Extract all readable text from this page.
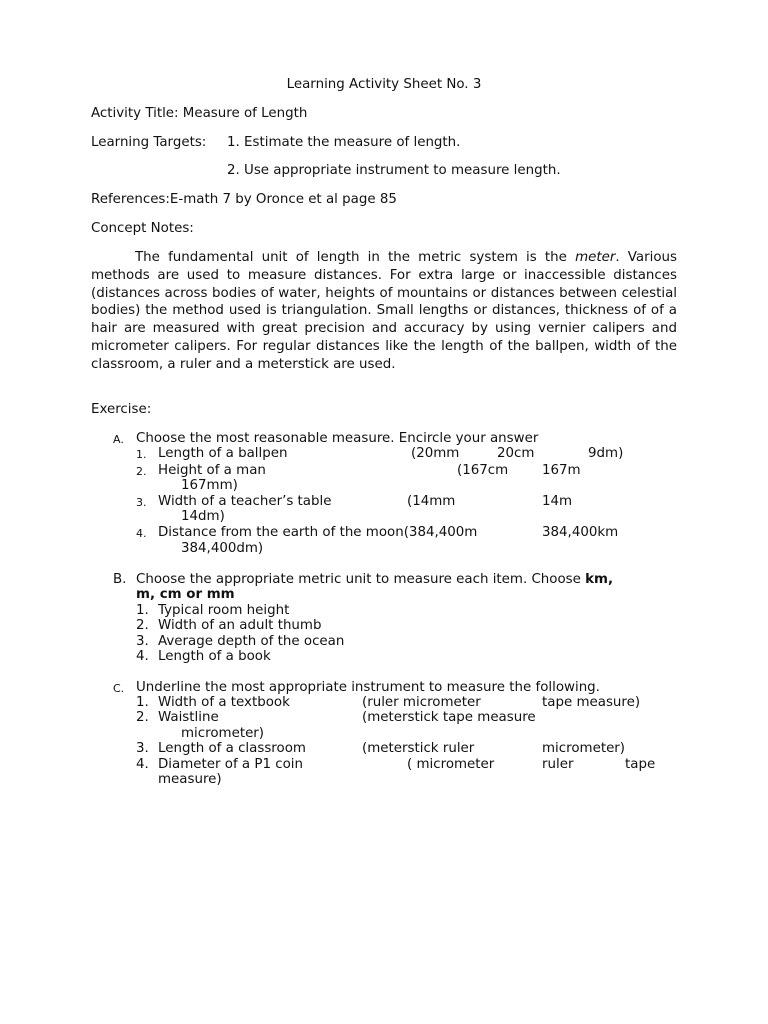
Learning Activity Sheet No. 3
Activity Title: Measure of Length
Learning Targets: 1. Estimate the measure of length.
2. Use appropriate instrument to measure length.
References:E-math 7 by Oronce et al page 85
Concept Notes:
The fundamental unit of length in the metric system is the meter. Various methods are used to measure distances. For extra large or inaccessible distances (distances across bodies of water, heights of mountains or distances between celestial bodies) the method used is triangulation. Small lengths or distances, thickness of of a hair are measured with great precision and accuracy by using vernier calipers and micrometer calipers. For regular distances like the length of the ballpen, width of the classroom, a ruler and a meterstick are used.
Exercise:
A. Choose the most reasonable measure. Encircle your answer
1. Length of a ballpen	(20mm	20cm	9dm)
2. Height of a man	(167cm	167m
167mm)
3. Width of a teacher’s table	(14mm	14m
14dm)
4. Distance from the earth of the moon(384,400m	384,400km
384,400dm)
B. Choose the appropriate metric unit to measure each item. Choose km,
m, cm or mm
1. Typical room height
2. Width of an adult thumb
3. Average depth of the ocean
4. Length of a book
C. Underline the most appropriate instrument to measure the following.
1. Width of a textbook	(ruler micrometer	tape measure)
2. Waistline	(meterstick tape measure
micrometer)
3. Length of a classroom	(meterstick ruler	micrometer)
4. Diameter of a P1 coin	( micrometer	ruler	tape
measure)
